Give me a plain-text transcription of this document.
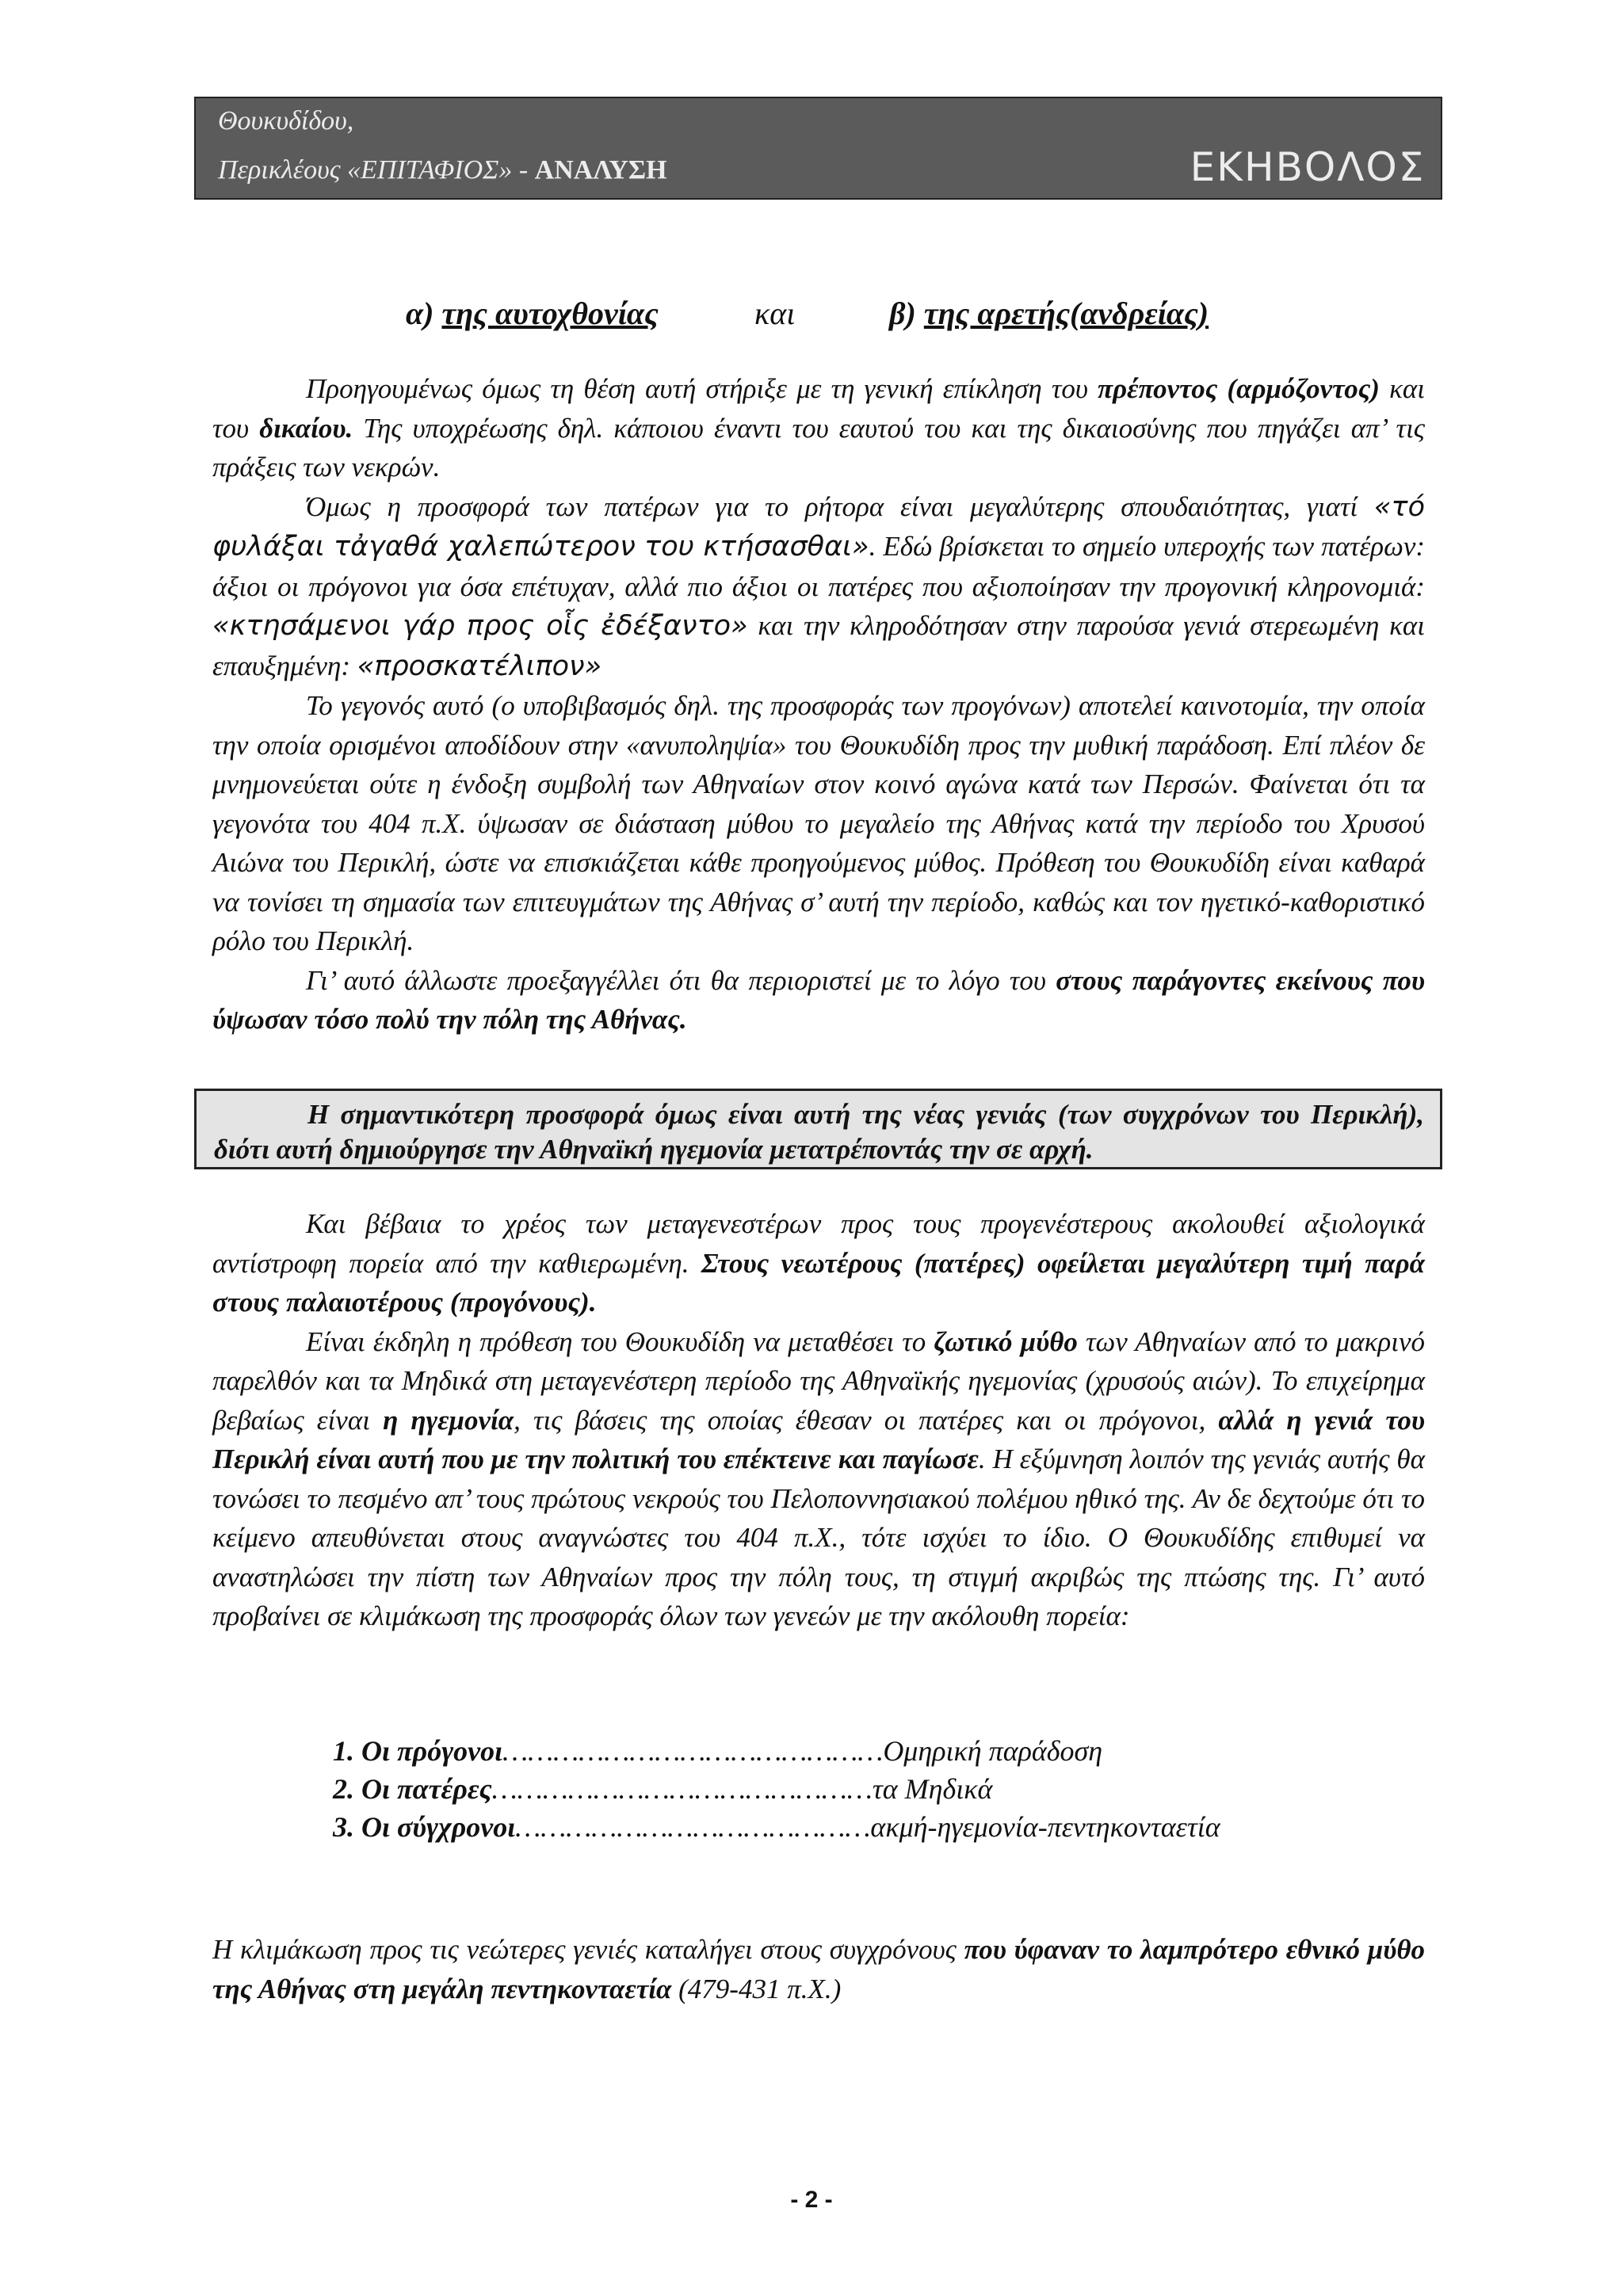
Θουκυδίδου,
Περικλέους «ΕΠΙΤΑΦΙΟΣ» - ΑΝΑΛΥΣΗ	ΕΚΗΒΟΛΟΣ
α) της αυτοχθονίας	και	β) της αρετής(ανδρείας)

Προηγουμένως όμως τη θέση αυτή στήριξε με τη γενική επίκληση του πρέποντος (αρμόζοντος) και του δικαίου. Της υποχρέωσης δηλ. κάποιου έναντι του εαυτού του και της δικαιοσύνης που πηγάζει απ’ τις πράξεις των νεκρών.

Όμως η προσφορά των πατέρων για το ρήτορα είναι μεγαλύτερης σπουδαιότητας, γιατί «τό φυλάξαι τἀγαθά χαλεπώτερον του κτήσασθαι». Εδώ βρίσκεται το σημείο υπεροχής των πατέρων: άξιοι οι πρόγονοι για όσα επέτυχαν, αλλά πιο άξιοι οι πατέρες που αξιοποίησαν την προγονική κληρονομιά: «κτησάμενοι γάρ προς οἷς ἐδέξαντο» και την κληροδότησαν στην παρούσα γενιά στερεωμένη και επαυξημένη: «προσκατέλιπον»

Το γεγονός αυτό (ο υποβιβασμός δηλ. της προσφοράς των προγόνων) αποτελεί καινοτομία, την οποία την οποία ορισμένοι αποδίδουν στην «ανυποληψία» του Θουκυδίδη προς την μυθική παράδοση. Επί πλέον δε μνημονεύεται ούτε η ένδοξη συμβολή των Αθηναίων στον κοινό αγώνα κατά των Περσών. Φαίνεται ότι τα γεγονότα του 404 π.Χ. ύψωσαν σε διάσταση μύθου το μεγαλείο της Αθήνας κατά την περίοδο του Χρυσού Αιώνα του Περικλή, ώστε να επισκιάζεται κάθε προηγούμενος μύθος. Πρόθεση του Θουκυδίδη είναι καθαρά να τονίσει τη σημασία των επιτευγμάτων της Αθήνας σ’ αυτή την περίοδο, καθώς και τον ηγετικό-καθοριστικό ρόλο του Περικλή.

Γι’ αυτό άλλωστε προεξαγγέλλει ότι θα περιοριστεί με το λόγο του στους παράγοντες εκείνους που ύψωσαν τόσο πολύ την πόλη της Αθήνας.

Η σημαντικότερη προσφορά όμως είναι αυτή της νέας γενιάς (των συγχρόνων του Περικλή), διότι αυτή δημιούργησε την Αθηναϊκή ηγεμονία μετατρέποντάς την σε αρχή.

Και βέβαια το χρέος των μεταγενεστέρων προς τους προγενέστερους ακολουθεί αξιολογικά αντίστροφη πορεία από την καθιερωμένη. Στους νεωτέρους (πατέρες) οφείλεται μεγαλύτερη τιμή παρά στους παλαιοτέρους (προγόνους).

Είναι έκδηλη η πρόθεση του Θουκυδίδη να μεταθέσει το ζωτικό μύθο των Αθηναίων από το μακρινό παρελθόν και τα Μηδικά στη μεταγενέστερη περίοδο της Αθηναϊκής ηγεμονίας (χρυσούς αιών). Το επιχείρημα βεβαίως είναι η ηγεμονία, τις βάσεις της οποίας έθεσαν οι πατέρες και οι πρόγονοι, αλλά η γενιά του Περικλή είναι αυτή που με την πολιτική του επέκτεινε και παγίωσε. Η εξύμνηση λοιπόν της γενιάς αυτής θα τονώσει το πεσμένο απ’ τους πρώτους νεκρούς του Πελοποννησιακού πολέμου ηθικό της. Αν δε δεχτούμε ότι το κείμενο απευθύνεται στους αναγνώστες του 404 π.Χ., τότε ισχύει το ίδιο. Ο Θουκυδίδης επιθυμεί να αναστηλώσει την πίστη των Αθηναίων προς την πόλη τους, τη στιγμή ακριβώς της πτώσης της. Γι’ αυτό προβαίνει σε κλιμάκωση της προσφοράς όλων των γενεών με την ακόλουθη πορεία:

1. Οι πρόγονοι………………………………………Ομηρική παράδοση
2. Οι πατέρες………………………………………τα Μηδικά
3. Οι σύγχρονοι……………………………………ακμή-ηγεμονία-πεντηκονταετία

Η κλιμάκωση προς τις νεώτερες γενιές καταλήγει στους συγχρόνους που ύφαναν το λαμπρότερο εθνικό μύθο της Αθήνας στη μεγάλη πεντηκονταετία (479-431 π.Χ.)

- 2 -
